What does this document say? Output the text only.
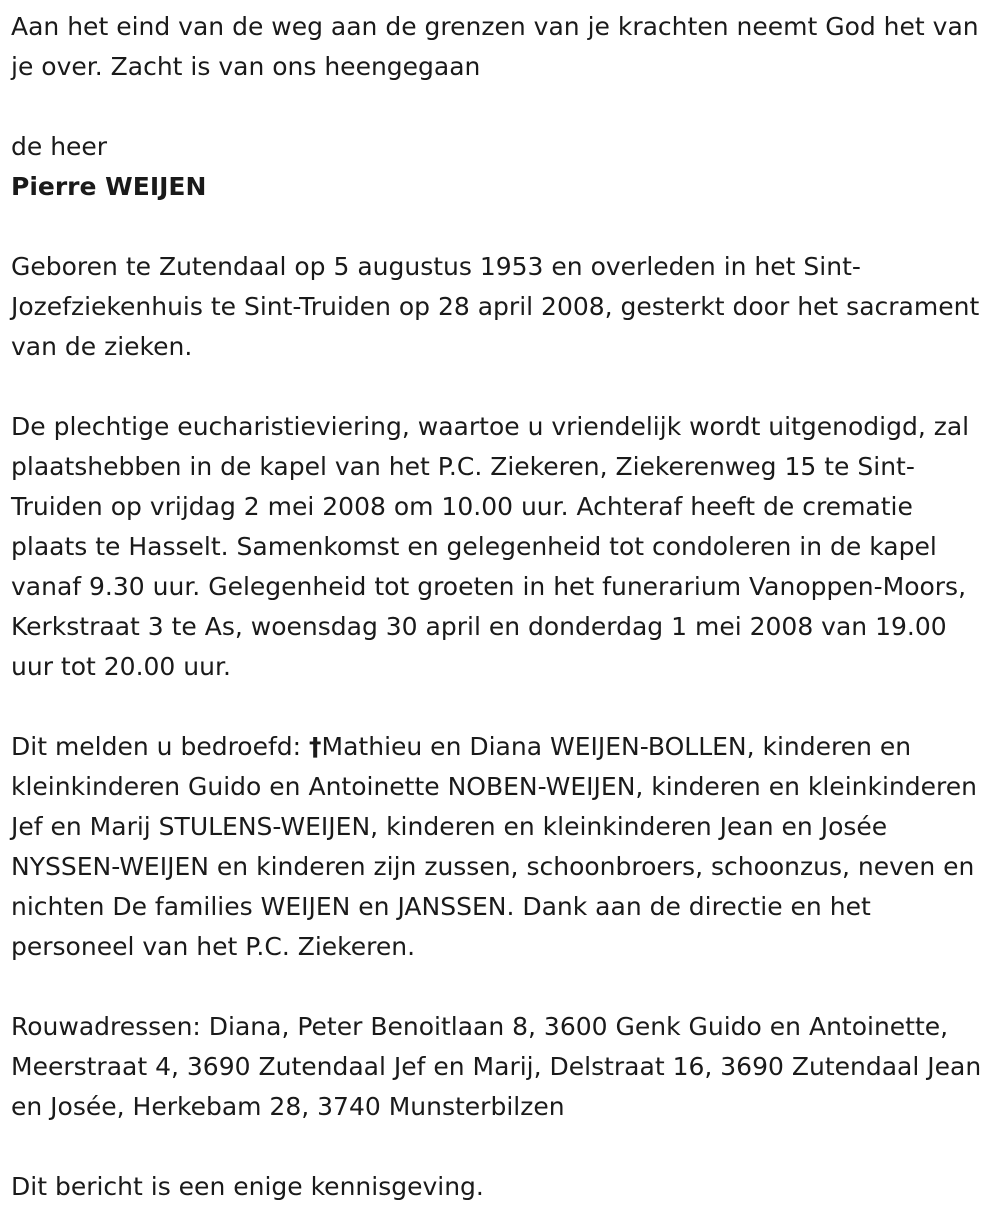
Aan het eind van de weg aan de grenzen van je krachten neemt God het van je over. Zacht is van ons heengegaan

de heer

Pierre WEIJEN

Geboren te Zutendaal op 5 augustus 1953 en overleden in het Sint-Jozefziekenhuis te Sint-Truiden op 28 april 2008, gesterkt door het sacrament van de zieken.

De plechtige eucharistieviering, waartoe u vriendelijk wordt uitgenodigd, zal plaatshebben in de kapel van het P.C. Ziekeren, Ziekerenweg 15 te Sint-Truiden op vrijdag 2 mei 2008 om 10.00 uur. Achteraf heeft de crematie plaats te Hasselt. Samenkomst en gelegenheid tot condoleren in de kapel vanaf 9.30 uur. Gelegenheid tot groeten in het funerarium Vanoppen-Moors, Kerkstraat 3 te As, woensdag 30 april en donderdag 1 mei 2008 van 19.00 uur tot 20.00 uur.

Dit melden u bedroefd: †Mathieu en Diana WEIJEN-BOLLEN, kinderen en kleinkinderen Guido en Antoinette NOBEN-WEIJEN, kinderen en kleinkinderen Jef en Marij STULENS-WEIJEN, kinderen en kleinkinderen Jean en Josée NYSSEN-WEIJEN en kinderen zijn zussen, schoonbroers, schoonzus, neven en nichten De families WEIJEN en JANSSEN. Dank aan de directie en het personeel van het P.C. Ziekeren.

Rouwadressen: Diana, Peter Benoitlaan 8, 3600 Genk Guido en Antoinette, Meerstraat 4, 3690 Zutendaal Jef en Marij, Delstraat 16, 3690 Zutendaal Jean en Josée, Herkebam 28, 3740 Munsterbilzen

Dit bericht is een enige kennisgeving.
